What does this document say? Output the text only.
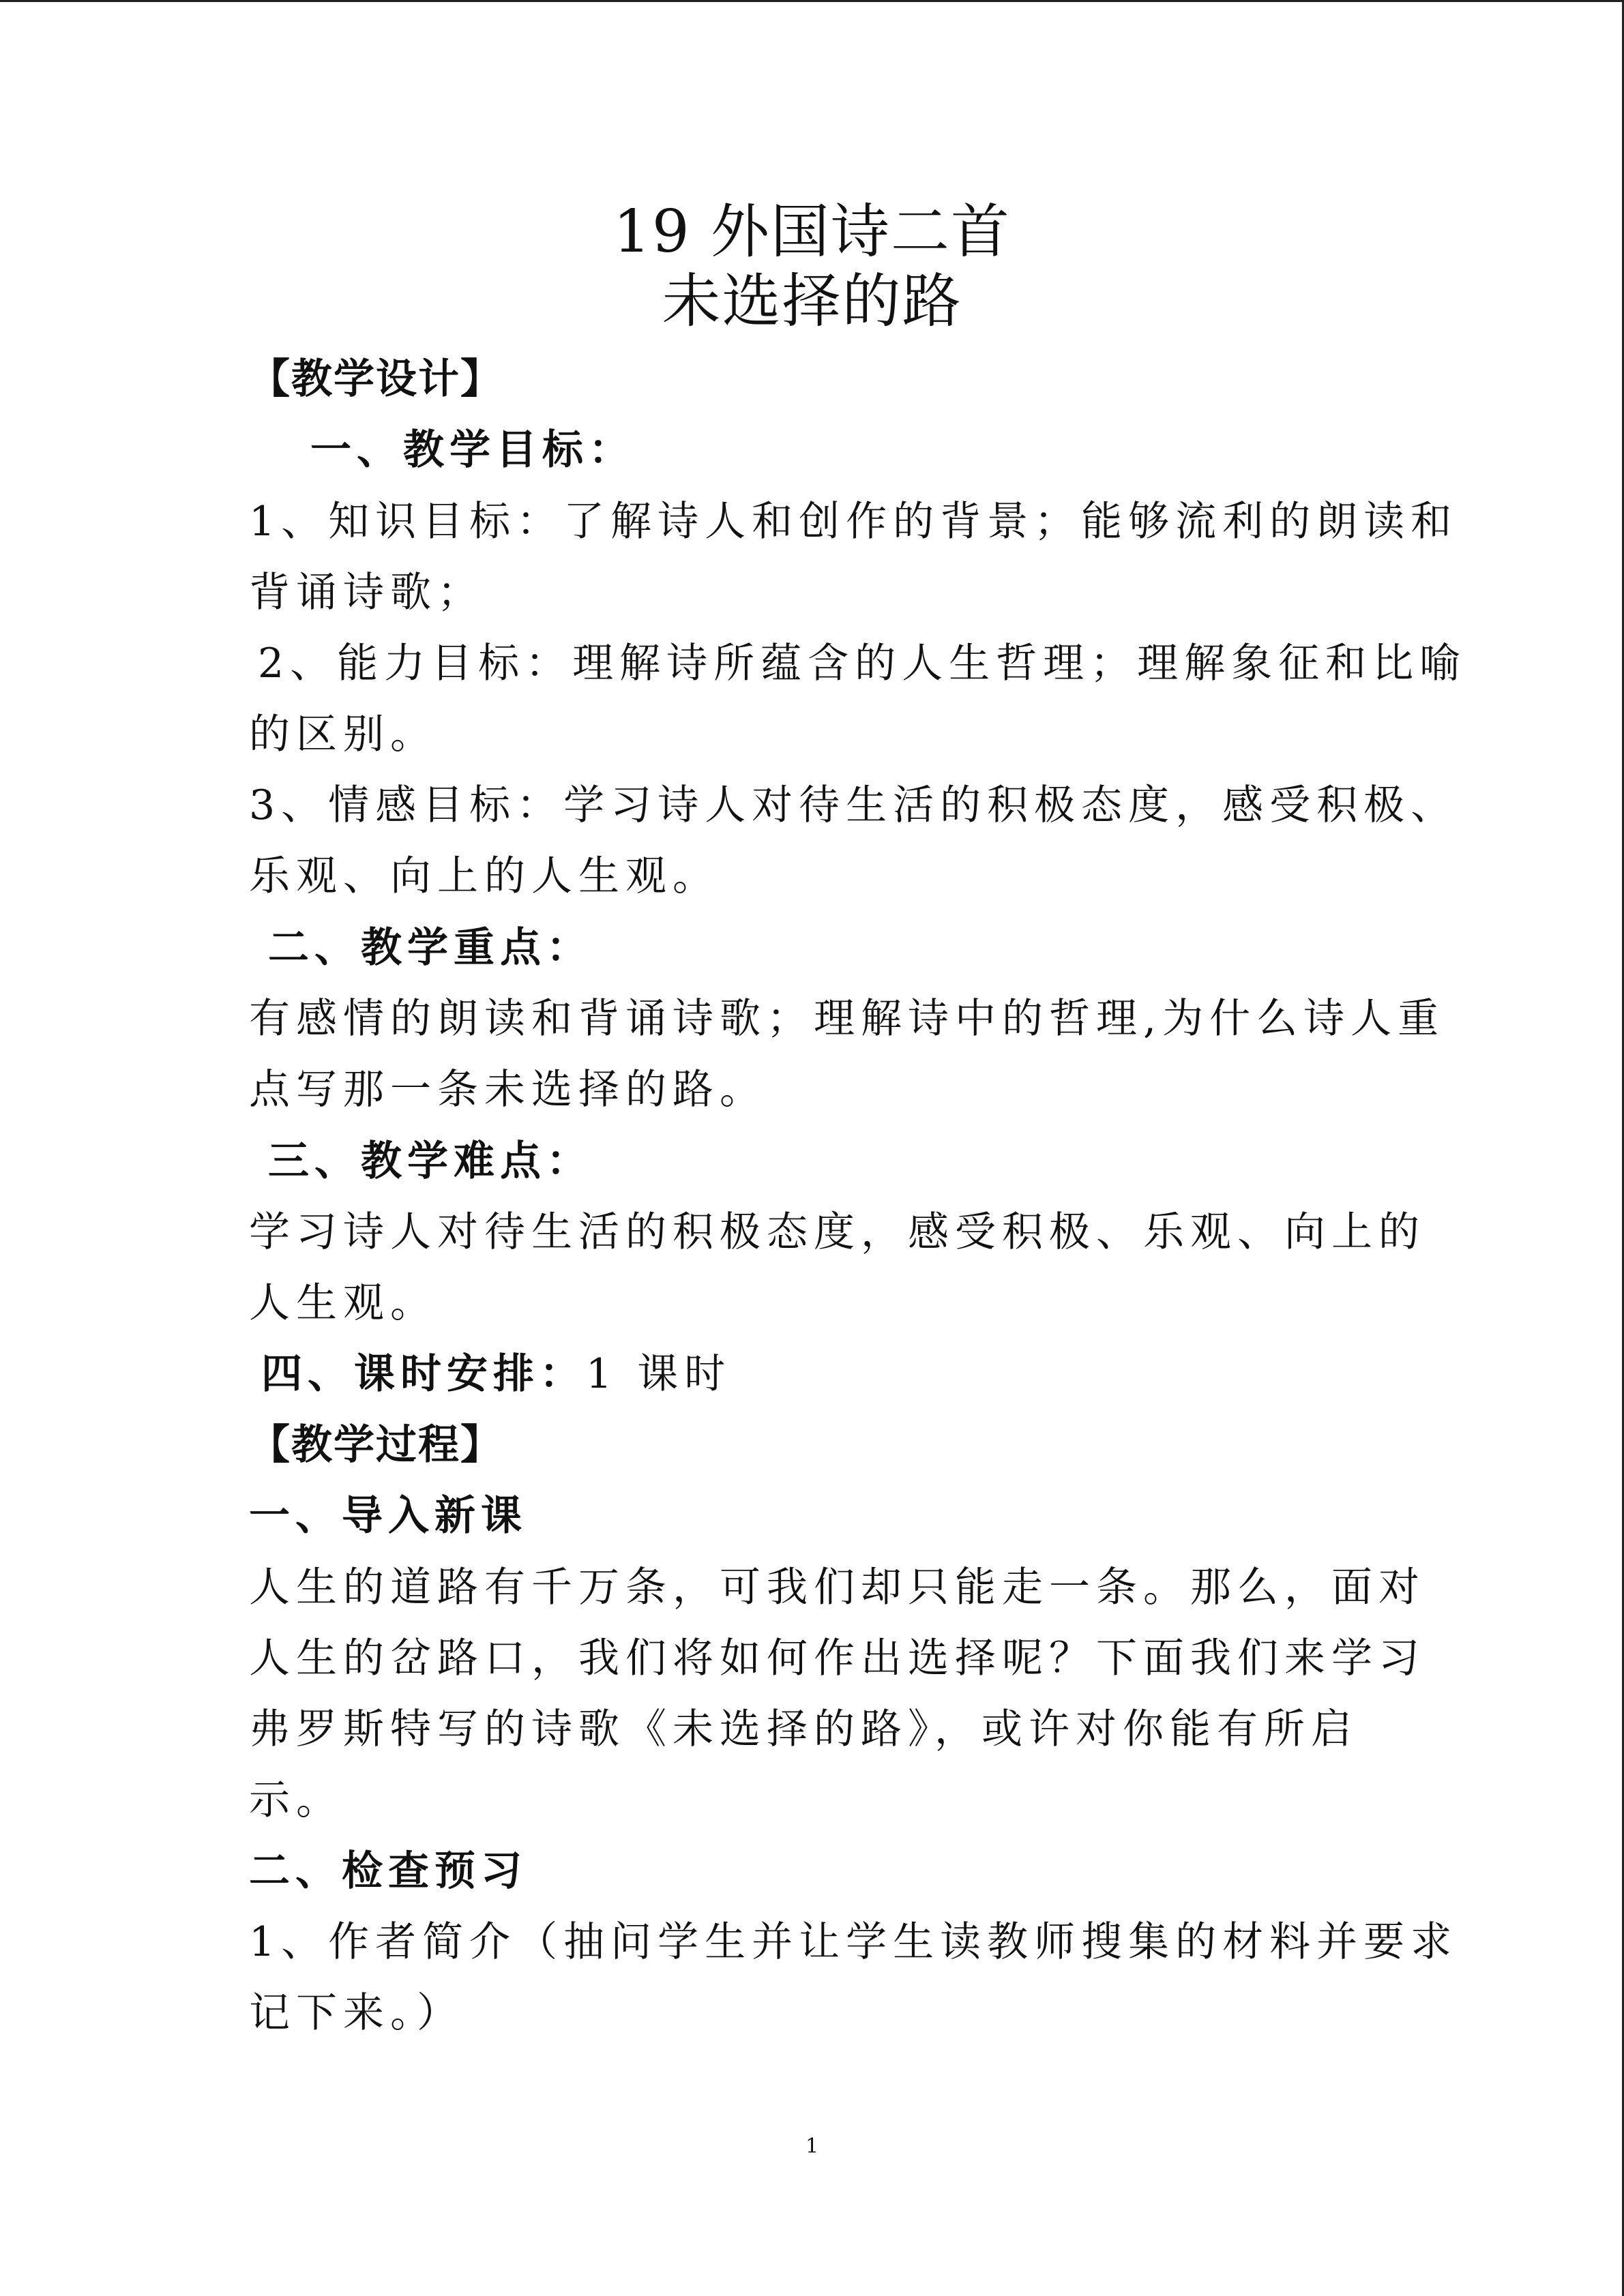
19 外国诗二首
未选择的路
【教学设计】
一、教学目标：
1、知识目标：了解诗人和创作的背景；能够流利的朗读和
背诵诗歌；
2、能力目标：理解诗所蕴含的人生哲理；理解象征和比喻
的区别。
3、情感目标：学习诗人对待生活的积极态度，感受积极、
乐观、向上的人生观。
二、教学重点：
有感情的朗读和背诵诗歌；理解诗中的哲理,为什么诗人重
点写那一条未选择的路。
三、教学难点：
学习诗人对待生活的积极态度，感受积极、乐观、向上的
人生观。
四、课时安排：1 课时
【教学过程】
一、导入新课
人生的道路有千万条，可我们却只能走一条。那么，面对
人生的岔路口，我们将如何作出选择呢？下面我们来学习
弗罗斯特写的诗歌《未选择的路》，或许对你能有所启
示。
二、检查预习
1、作者简介（抽问学生并让学生读教师搜集的材料并要求
记下来。）
1
